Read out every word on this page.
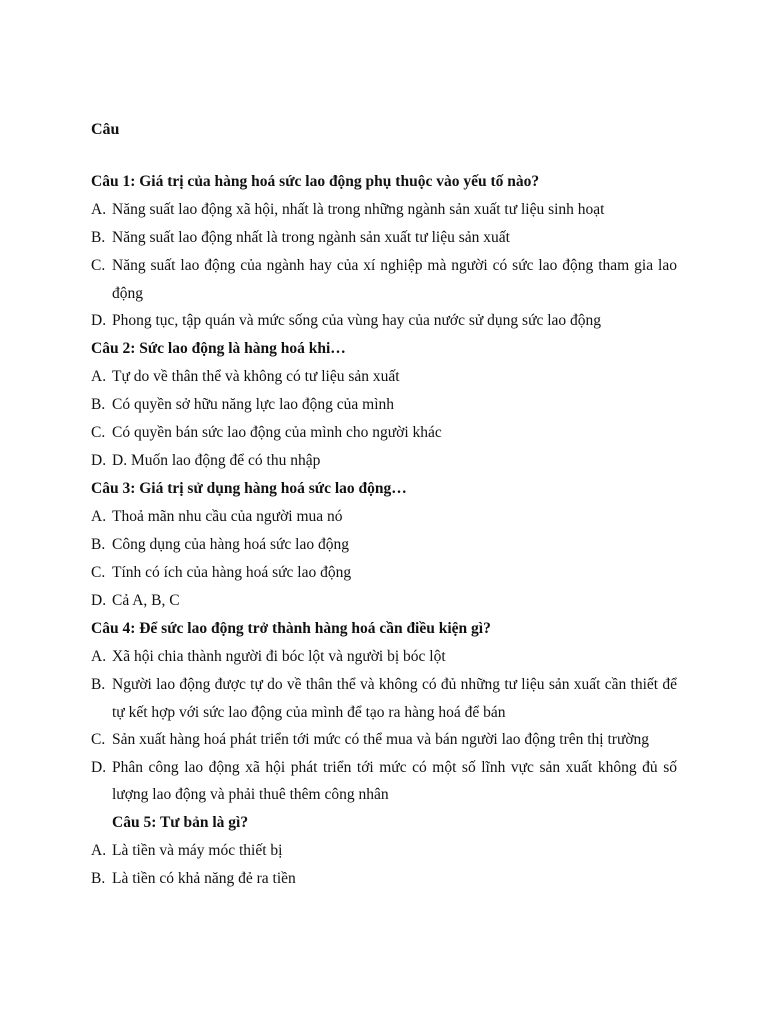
Câu

Câu 1: Giá trị của hàng hoá sức lao động phụ thuộc vào yếu tố nào?

A. Năng suất lao động xã hội, nhất là trong những ngành sản xuất tư liệu sinh hoạt
B. Năng suất lao động nhất là trong ngành sản xuất tư liệu sản xuất
C. Năng suất lao động của ngành hay của xí nghiệp mà người có sức lao động tham gia lao động
D. Phong tục, tập quán và mức sống của vùng hay của nước sử dụng sức lao động

Câu 2: Sức lao động là hàng hoá khi…

A. Tự do về thân thể và không có tư liệu sản xuất
B. Có quyền sở hữu năng lực lao động của mình
C. Có quyền bán sức lao động của mình cho người khác
D. D. Muốn lao động để có thu nhập

Câu 3: Giá trị sử dụng hàng hoá sức lao động…

A. Thoả mãn nhu cầu của người mua nó
B. Công dụng của hàng hoá sức lao động
C. Tính có ích của hàng hoá sức lao động
D. Cả A, B, C

Câu 4: Để sức lao động trở thành hàng hoá cần điều kiện gì?

A. Xã hội chia thành người đi bóc lột và người bị bóc lột
B. Người lao động được tự do về thân thể và không có đủ những tư liệu sản xuất cần thiết để tự kết hợp với sức lao động của mình để tạo ra hàng hoá để bán
C. Sản xuất hàng hoá phát triển tới mức có thể mua và bán người lao động trên thị trường
D. Phân công lao động xã hội phát triển tới mức có một số lĩnh vực sản xuất không đủ số lượng lao động và phải thuê thêm công nhân

Câu 5: Tư bản là gì?

A. Là tiền và máy móc thiết bị
B. Là tiền có khả năng đẻ ra tiền
